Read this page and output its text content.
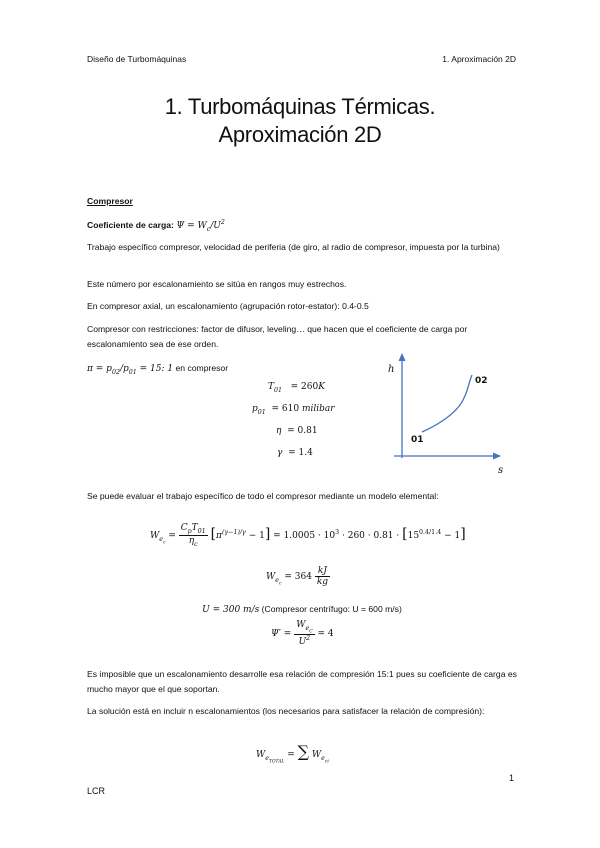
Diseño de Turbomáquinas	1. Aproximación 2D
1. Turbomáquinas Térmicas.
Aproximación 2D
Compresor
Coeficiente de carga: $\Psi = W_c/U^2$
Trabajo específico compresor, velocidad de periferia (de giro, al radio de compresor, impuesta por la turbina)
Este número por escalonamiento se sitúa en rangos muy estrechos.
En compresor axial, un escalonamiento (agrupación rotor-estator): 0.4-0.5
Compresor con restricciones: factor de difusor, leveling… que hacen que el coeficiente de carga por escalonamiento sea de ese orden.
$\pi = p_{02}/p_{01} = 15$: 1 en compresor
$T_{01} = 260K$
$p_{01} = 610$ milibar
η  = 0.81
γ  = 1.4
h
s
01
02
Se puede evaluar el trabajo específico de todo el compresor mediante un modelo elemental:
$W_{e_c} = \frac{C_pT_{01}}{\eta_c} [\pi^{(\gamma-1)/\gamma} - 1] = 1.0005 \cdot 10^3 \cdot 260 \cdot 0.81 \cdot [15^{0.4/1.4} - 1]$
$W_{e_c} = 364 \frac{kJ}{kg}$
U = 300 m/s (Compresor centrífugo: U = 600 m/s)
$\Psi' = \frac{W_{e_C}}{U^2} = 4$
Es imposible que un escalonamiento desarrolle esa relación de compresión 15:1 pues su coeficiente de carga es mucho mayor que el que soportan.
La solución está en incluir n escalonamientos (los necesarios para satisfacer la relación de compresión):
$W_{e_{TOTAL}}$ = ∑ $W_{e_{ci}}$
1
LCR
